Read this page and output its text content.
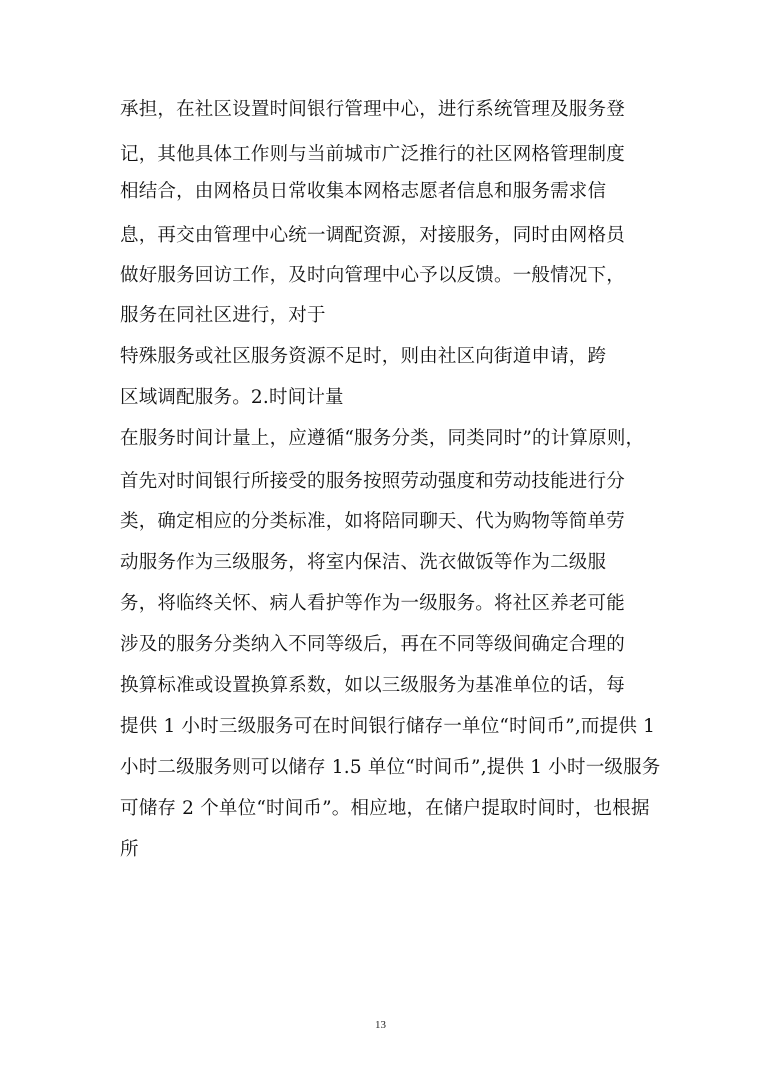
承担，在社区设置时间银行管理中心，进行系统管理及服务登
记，其他具体工作则与当前城市广泛推行的社区网格管理制度
相结合，由网格员日常收集本网格志愿者信息和服务需求信
息，再交由管理中心统一调配资源，对接服务，同时由网格员
做好服务回访工作，及时向管理中心予以反馈。一般情况下，
服务在同社区进行，对于
特殊服务或社区服务资源不足时，则由社区向街道申请，跨
区域调配服务。2.时间计量
在服务时间计量上，应遵循“服务分类，同类同时”的计算原则，
首先对时间银行所接受的服务按照劳动强度和劳动技能进行分
类，确定相应的分类标准，如将陪同聊天、代为购物等简单劳
动服务作为三级服务，将室内保洁、洗衣做饭等作为二级服
务，将临终关怀、病人看护等作为一级服务。将社区养老可能
涉及的服务分类纳入不同等级后，再在不同等级间确定合理的
换算标准或设置换算系数，如以三级服务为基准单位的话，每
提供 1 小时三级服务可在时间银行储存一单位“时间币”,而提供 1
小时二级服务则可以储存 1.5 单位“时间币”,提供 1 小时一级服务
可储存 2 个单位“时间币”。相应地，在储户提取时间时，也根据
所
13
